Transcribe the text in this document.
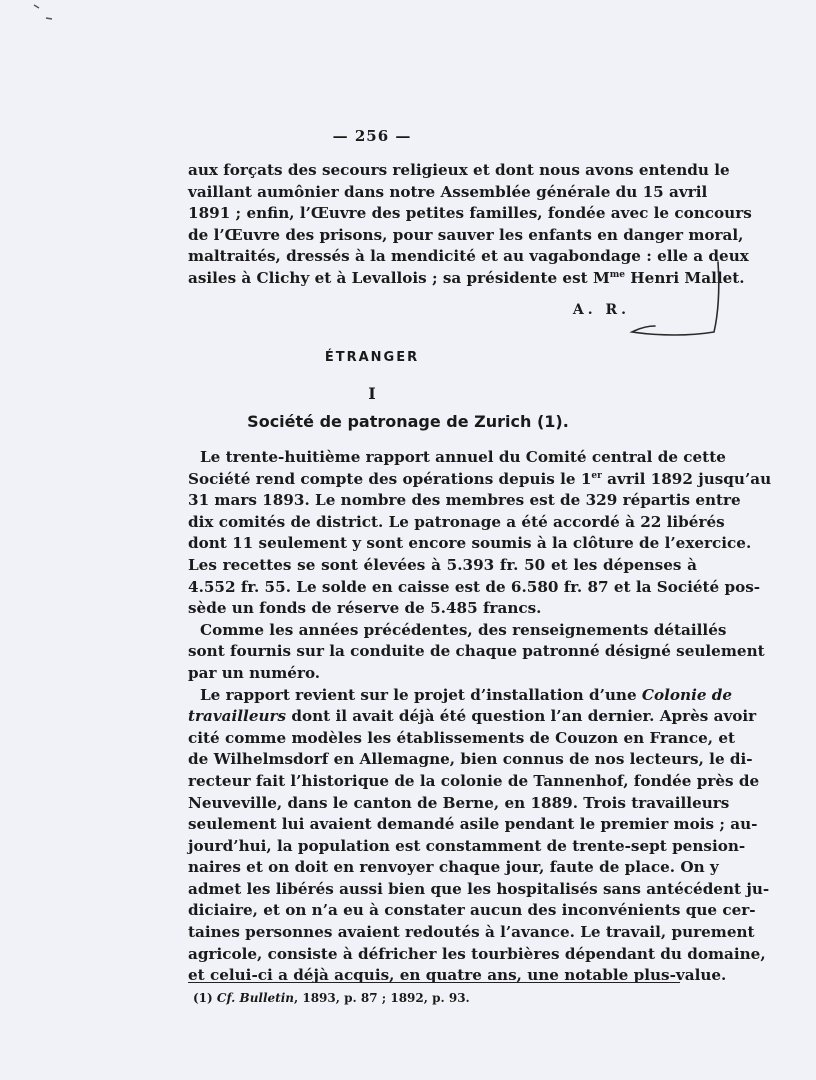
— 256 —
aux forçats des secours religieux et dont nous avons entendu le
vaillant aumônier dans notre Assemblée générale du 15 avril
1891 ; enfin, l’Œuvre des petites familles, fondée avec le concours
de l’Œuvre des prisons, pour sauver les enfants en danger moral,
maltraités, dressés à la mendicité et au vagabondage : elle a deux
asiles à Clichy et à Levallois ; sa présidente est $M^{me}$ Henri Mallet.
A. R.
ÉTRANGER
I
Société de patronage de Zurich (1).
Le trente-huitième rapport annuel du Comité central de cette
Société rend compte des opérations depuis le 1er avril 1892 jusqu’au
31 mars 1893. Le nombre des membres est de 329 répartis entre
dix comités de district. Le patronage a été accordé à 22 libérés
dont 11 seulement y sont encore soumis à la clôture de l’exercice.
Les recettes se sont élevées à 5.393 fr. 50 et les dépenses à
4.552 fr. 55. Le solde en caisse est de 6.580 fr. 87 et la Société pos-
sède un fonds de réserve de 5.485 francs.
Comme les années précédentes, des renseignements détaillés
sont fournis sur la conduite de chaque patronné désigné seulement
par un numéro.
Le rapport revient sur le projet d’installation d’une Colonie de
travailleurs dont il avait déjà été question l’an dernier. Après avoir
cité comme modèles les établissements de Couzon en France, et
de Wilhelmsdorf en Allemagne, bien connus de nos lecteurs, le di-
recteur fait l’historique de la colonie de Tannenhof, fondée près de
Neuveville, dans le canton de Berne, en 1889. Trois travailleurs
seulement lui avaient demandé asile pendant le premier mois ; au-
jourd’hui, la population est constamment de trente-sept pension-
naires et on doit en renvoyer chaque jour, faute de place. On y
admet les libérés aussi bien que les hospitalisés sans antécédent ju-
diciaire, et on n’a eu à constater aucun des inconvénients que cer-
taines personnes avaient redoutés à l’avance. Le travail, purement
agricole, consiste à défricher les tourbières dépendant du domaine,
et celui-ci a déjà acquis, en quatre ans, une notable plus-value.
(1) Cf. Bulletin, 1893, p. 87 ; 1892, p. 93.
